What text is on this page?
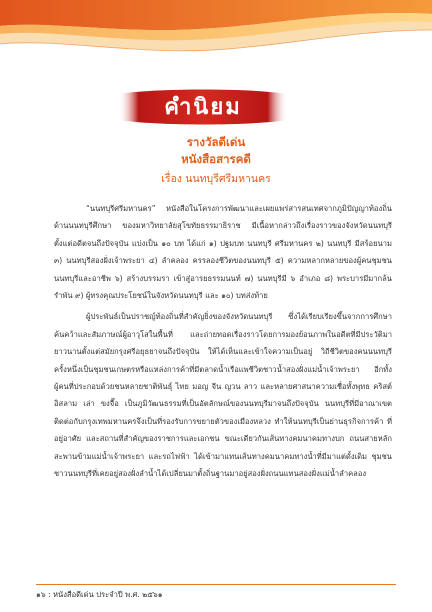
คำนิยม
รางวัลดีเด่น
หนังสือสารคดี
เรื่อง นนทบุรีศรีมหานคร

“นนทบุรีศรีมหานคร” หนังสือในโครงการพัฒนาและเผยแพร่สารสนเทศจากภูมิปัญญาท้องถิ่นด้านนนทบุรีศึกษา ของมหาวิทยาลัยสุโขทัยธรรมาธิราช มีเนื้อหากล่าวถึงเรื่องราวของจังหวัดนนทบุรีตั้งแต่อดีตจนถึงปัจจุบัน แบ่งเป็น ๑๐ บท ได้แก่ ๑) ปฐมบท นนทบุรี ศรีมหานคร ๒) นนทบุรี มีสร้อยนาม ๓) นนทบุรีสองฝั่งเจ้าพระยา ๔) ลำคลอง ครรลองชีวิตของนนทบุรี ๕) ความหลากหลายของผู้คนชุมชนนนทบุรีและอาชีพ ๖) สร้างบรรมรา เข้าสู่อารยธรรมนนท์ ๗) นนทบุรีมี ๖ อำเภอ ๘) พระบารมีมากล้นรำพัน ๙) ผู้ทรงคุณประโยชน์ในจังหวัดนนทบุรี และ ๑๐) บทส่งท้าย

ผู้ประพันธ์เป็นปราชญ์ท้องถิ่นที่สำคัญยิ่งของจังหวัดนนทบุรี ซึ่งได้เรียบเรียงขึ้นจากการศึกษาค้นคว้าและสัมภาษณ์ผู้อาวุโสในพื้นที่ และถ่ายทอดเรื่องราวโดยการมองย้อนภาพในอดีตที่มีประวัติมายาวนานตั้งแต่สมัยกรุงศรีอยุธยาจนถึงปัจจุบัน ให้ได้เห็นและเข้าใจความเป็นอยู่ วิถีชีวิตของคนนนทบุรีครั้งหนึ่งเป็นชุมชนเกษตรหรือแหล่งการค้าที่มีตลาดน้ำเรือแพชีวิตชาวน้ำสองฝั่งแม่น้ำเจ้าพระยา อีกทั้งผู้คนที่ประกอบด้วยชนหลายชาติพันธุ์ ไทย มอญ จีน ญวน ลาว และหลายศาสนาความเชื่อทั้งพุทธ คริสต์ อิสลาม เล่า ขงจื๊อ เป็นภูมิวัฒนธรรมที่เป็นอัตลักษณ์ของนนทบุรีมาจนถึงปัจจุบัน นนทบุรีที่มีอาณาเขตติดต่อกับกรุงเทพมหานครจึงเป็นที่รองรับการขยายตัวของเมืองหลวง ทำให้นนทบุรีเป็นย่านธุรกิจการค้า ที่อยู่อาศัย และสถานที่สำคัญของราชการและเอกชน ขณะเดียวกันเส้นทางคมนาคมทางบก ถนนสายหลัก สะพานข้ามแม่น้ำเจ้าพระยา และรถไฟฟ้า ได้เข้ามาแทนเส้นทางคมนาคมทางน้ำที่มีมาแต่ดั้งเดิม ชุมชนชาวนนทบุรีที่เคยอยู่สองฝั่งลำน้ำได้เปลี่ยนมาตั้งถิ่นฐานมาอยู่สองฝั่งถนนแทนสองฝั่งแม่น้ำลำคลอง

๑๖ : หนังสือดีเด่น ประจำปี พ.ศ. ๒๕๖๑
